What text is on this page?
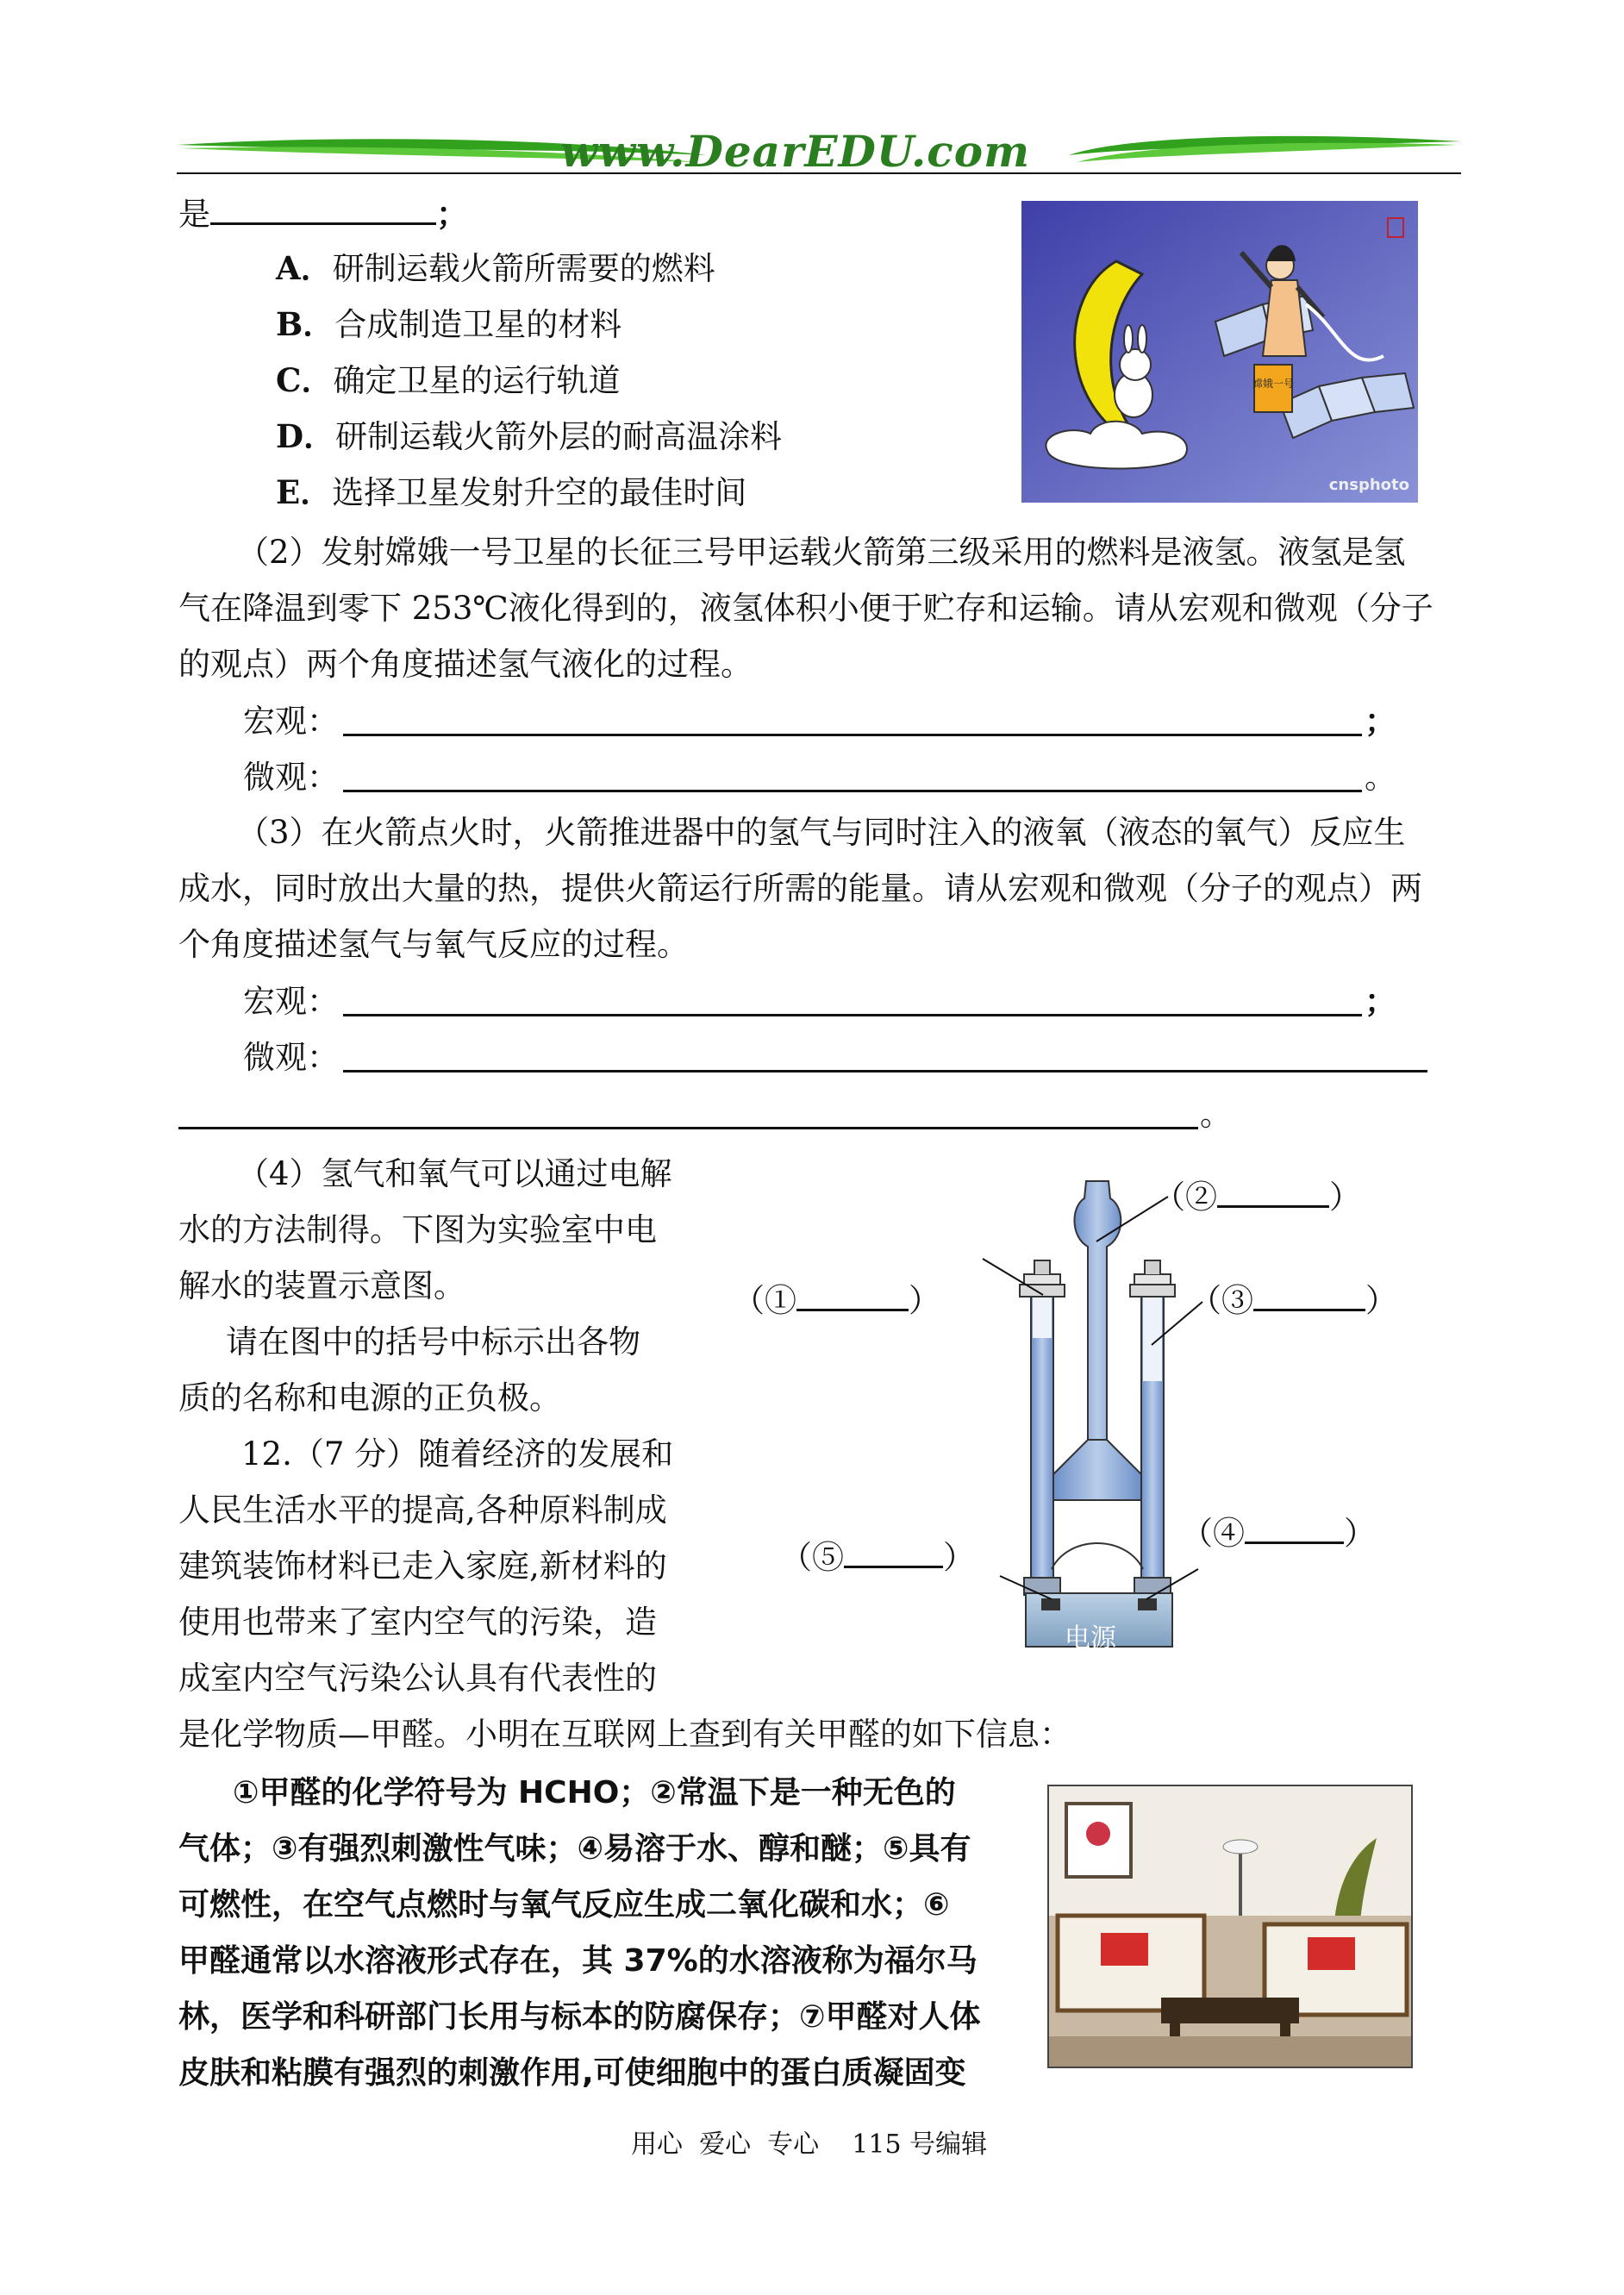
www.DearEDU.com
是	；
A．研制运载火箭所需要的燃料
B．合成制造卫星的材料
C．确定卫星的运行轨道
D．研制运载火箭外层的耐高温涂料
E．选择卫星发射升空的最佳时间
嫦娥一号
cnsphoto
（2）发射嫦娥一号卫星的长征三号甲运载火箭第三级采用的燃料是液氢。液氢是氢
气在降温到零下 253℃液化得到的，液氢体积小便于贮存和运输。请从宏观和微观（分子
的观点）两个角度描述氢气液化的过程。
宏观：	；
微观：	。
（3）在火箭点火时，火箭推进器中的氢气与同时注入的液氧（液态的氧气）反应生
成水，同时放出大量的热，提供火箭运行所需的能量。请从宏观和微观（分子的观点）两
个角度描述氢气与氧气反应的过程。
宏观：	；
微观：
。
（4）氢气和氧气可以通过电解
水的方法制得。下图为实验室中电
解水的装置示意图。
请在图中的括号中标示出各物
质的名称和电源的正负极。
电源
（②	）
（①	）	（③	）
（④	）
（⑤	）
12.（7 分）随着经济的发展和
人民生活水平的提高,各种原料制成
建筑装饰材料已走入家庭,新材料的
使用也带来了室内空气的污染，造
成室内空气污染公认具有代表性的
是化学物质—甲醛。小明在互联网上查到有关甲醛的如下信息：
①甲醛的化学符号为 HCHO；②常温下是一种无色的
气体；③有强烈刺激性气味；④易溶于水、醇和醚；⑤具有
可燃性，在空气点燃时与氧气反应生成二氧化碳和水；⑥
甲醛通常以水溶液形式存在，其 37%的水溶液称为福尔马
林，医学和科研部门长用与标本的防腐保存；⑦甲醛对人体
皮肤和粘膜有强烈的刺激作用,可使细胞中的蛋白质凝固变
用心  爱心  专心    115 号编辑
